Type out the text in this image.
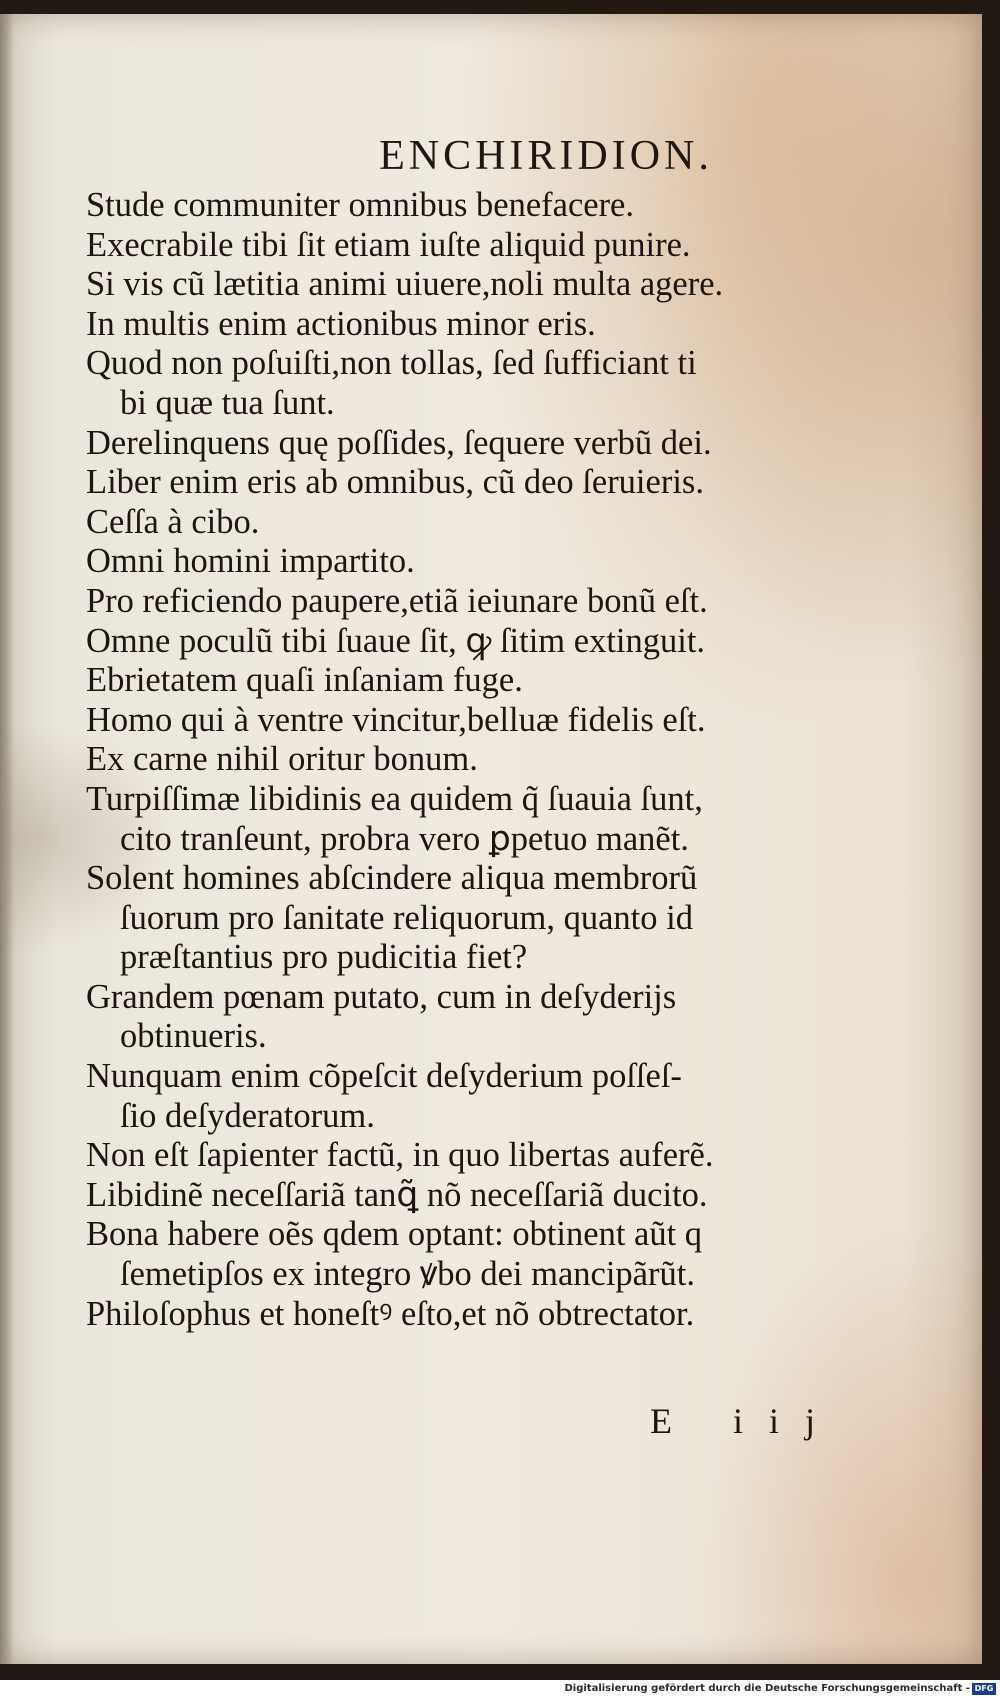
ENCHIRIDION.
Stude communiter omnibus benefacere.
Execrabile tibi ſit etiam iuſte aliquid punire.
Si vis cũ lætitia animi uiuere,noli multa agere.
In multis enim actionibus minor eris.
Quod non poſuiſti,non tollas, ſed ſufficiant ti
bi quæ tua ſunt.
Derelinquens quę poſſides, ſequere verbũ dei.
Liber enim eris ab omnibus, cũ deo ſeruieris.
Ceſſa à cibo.
Omni homini impartito.
Pro reficiendo paupere,etiã ieiunare bonũ eſt.
Omne poculũ tibi ſuaue ſit, ꝙ ſitim extinguit.
Ebrietatem quaſi inſaniam fuge.
Homo qui à ventre vincitur,belluæ fidelis eſt.
Ex carne nihil oritur bonum.
Turpiſſimæ libidinis ea quidem q̃ ſuauia ſunt,
cito tranſeunt, probra vero ꝑpetuo manẽt.
Solent homines abſcindere aliqua membrorũ
ſuorum pro ſanitate reliquorum, quanto id
præſtantius pro pudicitia fiet?
Grandem pœnam putato, cum in deſyderijs
obtinueris.
Nunquam enim cõpeſcit deſyderium poſſeſ-
ſio deſyderatorum.
Non eſt ſapienter factũ, in quo libertas auferẽ.
Libidinẽ neceſſariã tanꝗ̃ nõ neceſſariã ducito.
Bona habere oẽs qdem optant: obtinent aũt q
ſemetipſos ex integro ꝟbo dei mancipãrũt.
Philoſophus et honeſtꝰ eſto,et nõ obtrectator.
E iij
Digitalisierung gefördert durch die Deutsche Forschungsgemeinschaft - DFG
